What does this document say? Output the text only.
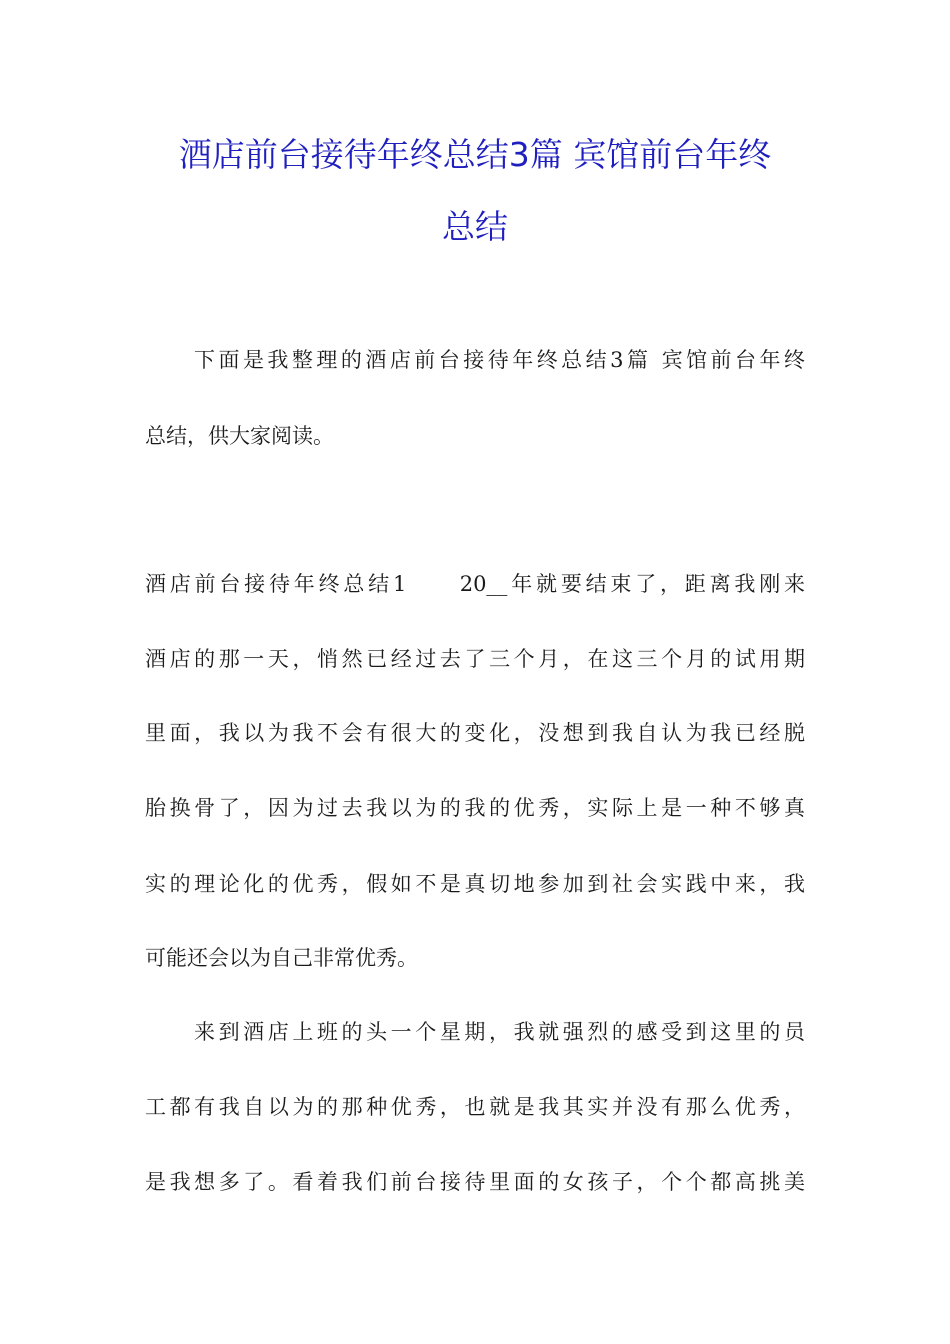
酒店前台接待年终总结3篇 宾馆前台年终
总结
下面是我整理的酒店前台接待年终总结3篇 宾馆前台年终
总结，供大家阅读。
酒店前台接待年终总结1　　20__年就要结束了，距离我刚来
酒店的那一天，悄然已经过去了三个月，在这三个月的试用期
里面，我以为我不会有很大的变化，没想到我自认为我已经脱
胎换骨了，因为过去我以为的我的优秀，实际上是一种不够真
实的理论化的优秀，假如不是真切地参加到社会实践中来，我
可能还会以为自己非常优秀。
来到酒店上班的头一个星期，我就强烈的感受到这里的员
工都有我自以为的那种优秀，也就是我其实并没有那么优秀，
是我想多了。看着我们前台接待里面的女孩子，个个都高挑美
